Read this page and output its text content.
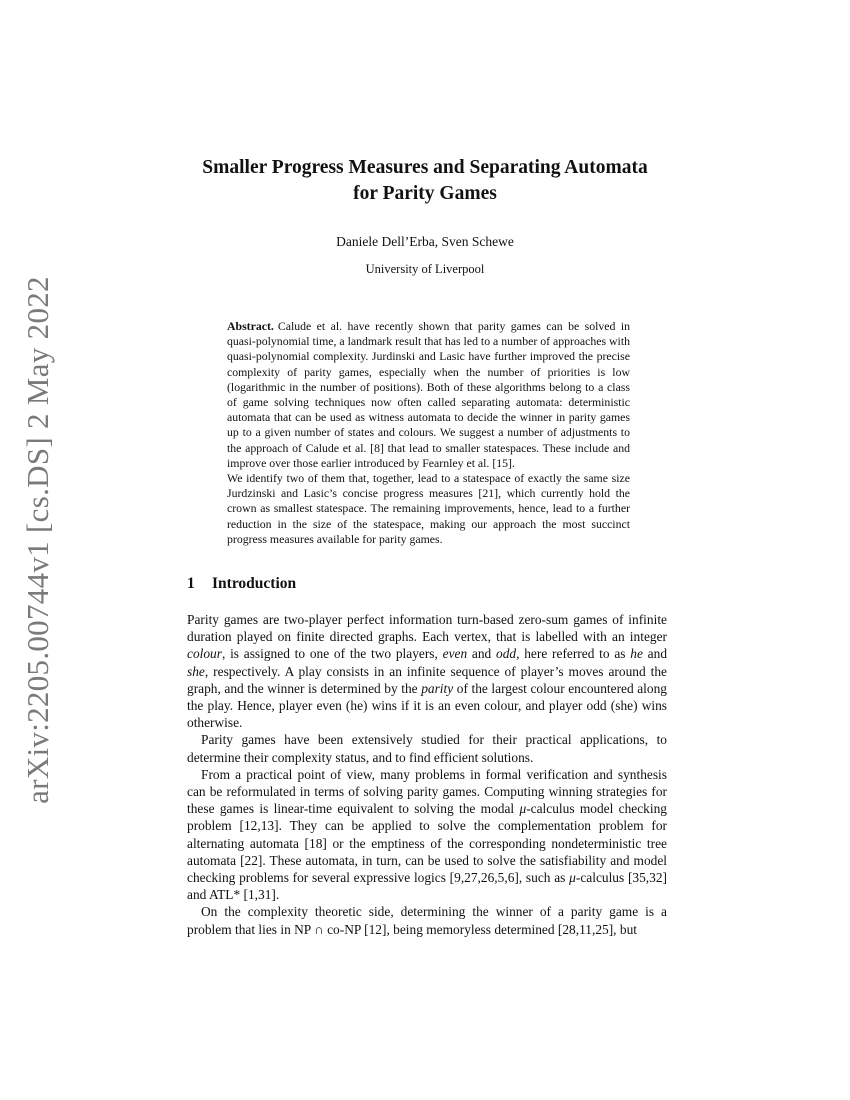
arXiv:2205.00744v1 [cs.DS] 2 May 2022
Smaller Progress Measures and Separating Automata
for Parity Games

Daniele Dell’Erba, Sven Schewe

University of Liverpool

Abstract. Calude et al. have recently shown that parity games can be solved in quasi-polynomial time, a landmark result that has led to a number of approaches with quasi-polynomial complexity. Jurdinski and Lasic have further improved the precise complexity of parity games, especially when the number of priorities is low (logarithmic in the number of positions). Both of these algorithms belong to a class of game solving techniques now often called separating automata: deterministic automata that can be used as witness automata to decide the winner in parity games up to a given number of states and colours. We suggest a number of adjustments to the approach of Calude et al. [8] that lead to smaller statespaces. These include and improve over those earlier introduced by Fearnley et al. [15].

We identify two of them that, together, lead to a statespace of exactly the same size Jurdzinski and Lasic’s concise progress measures [21], which currently hold the crown as smallest statespace. The remaining improvements, hence, lead to a further reduction in the size of the statespace, making our approach the most succinct progress measures available for parity games.

1 Introduction

Parity games are two-player perfect information turn-based zero-sum games of infinite duration played on finite directed graphs. Each vertex, that is labelled with an integer colour, is assigned to one of the two players, even and odd, here referred to as he and she, respectively. A play consists in an infinite sequence of player’s moves around the graph, and the winner is determined by the parity of the largest colour encountered along the play. Hence, player even (he) wins if it is an even colour, and player odd (she) wins otherwise.

Parity games have been extensively studied for their practical applications, to determine their complexity status, and to find efficient solutions.

From a practical point of view, many problems in formal verification and synthesis can be reformulated in terms of solving parity games. Computing winning strategies for these games is linear-time equivalent to solving the modal μ-calculus model checking problem [12,13]. They can be applied to solve the complementation problem for alternating automata [18] or the emptiness of the corresponding nondeterministic tree automata [22]. These automata, in turn, can be used to solve the satisfiability and model checking problems for several expressive logics [9,27,26,5,6], such as μ-calculus [35,32] and ATL* [1,31].

On the complexity theoretic side, determining the winner of a parity game is a problem that lies in NP ∩ co-NP [12], being memoryless determined [28,11,25], but
